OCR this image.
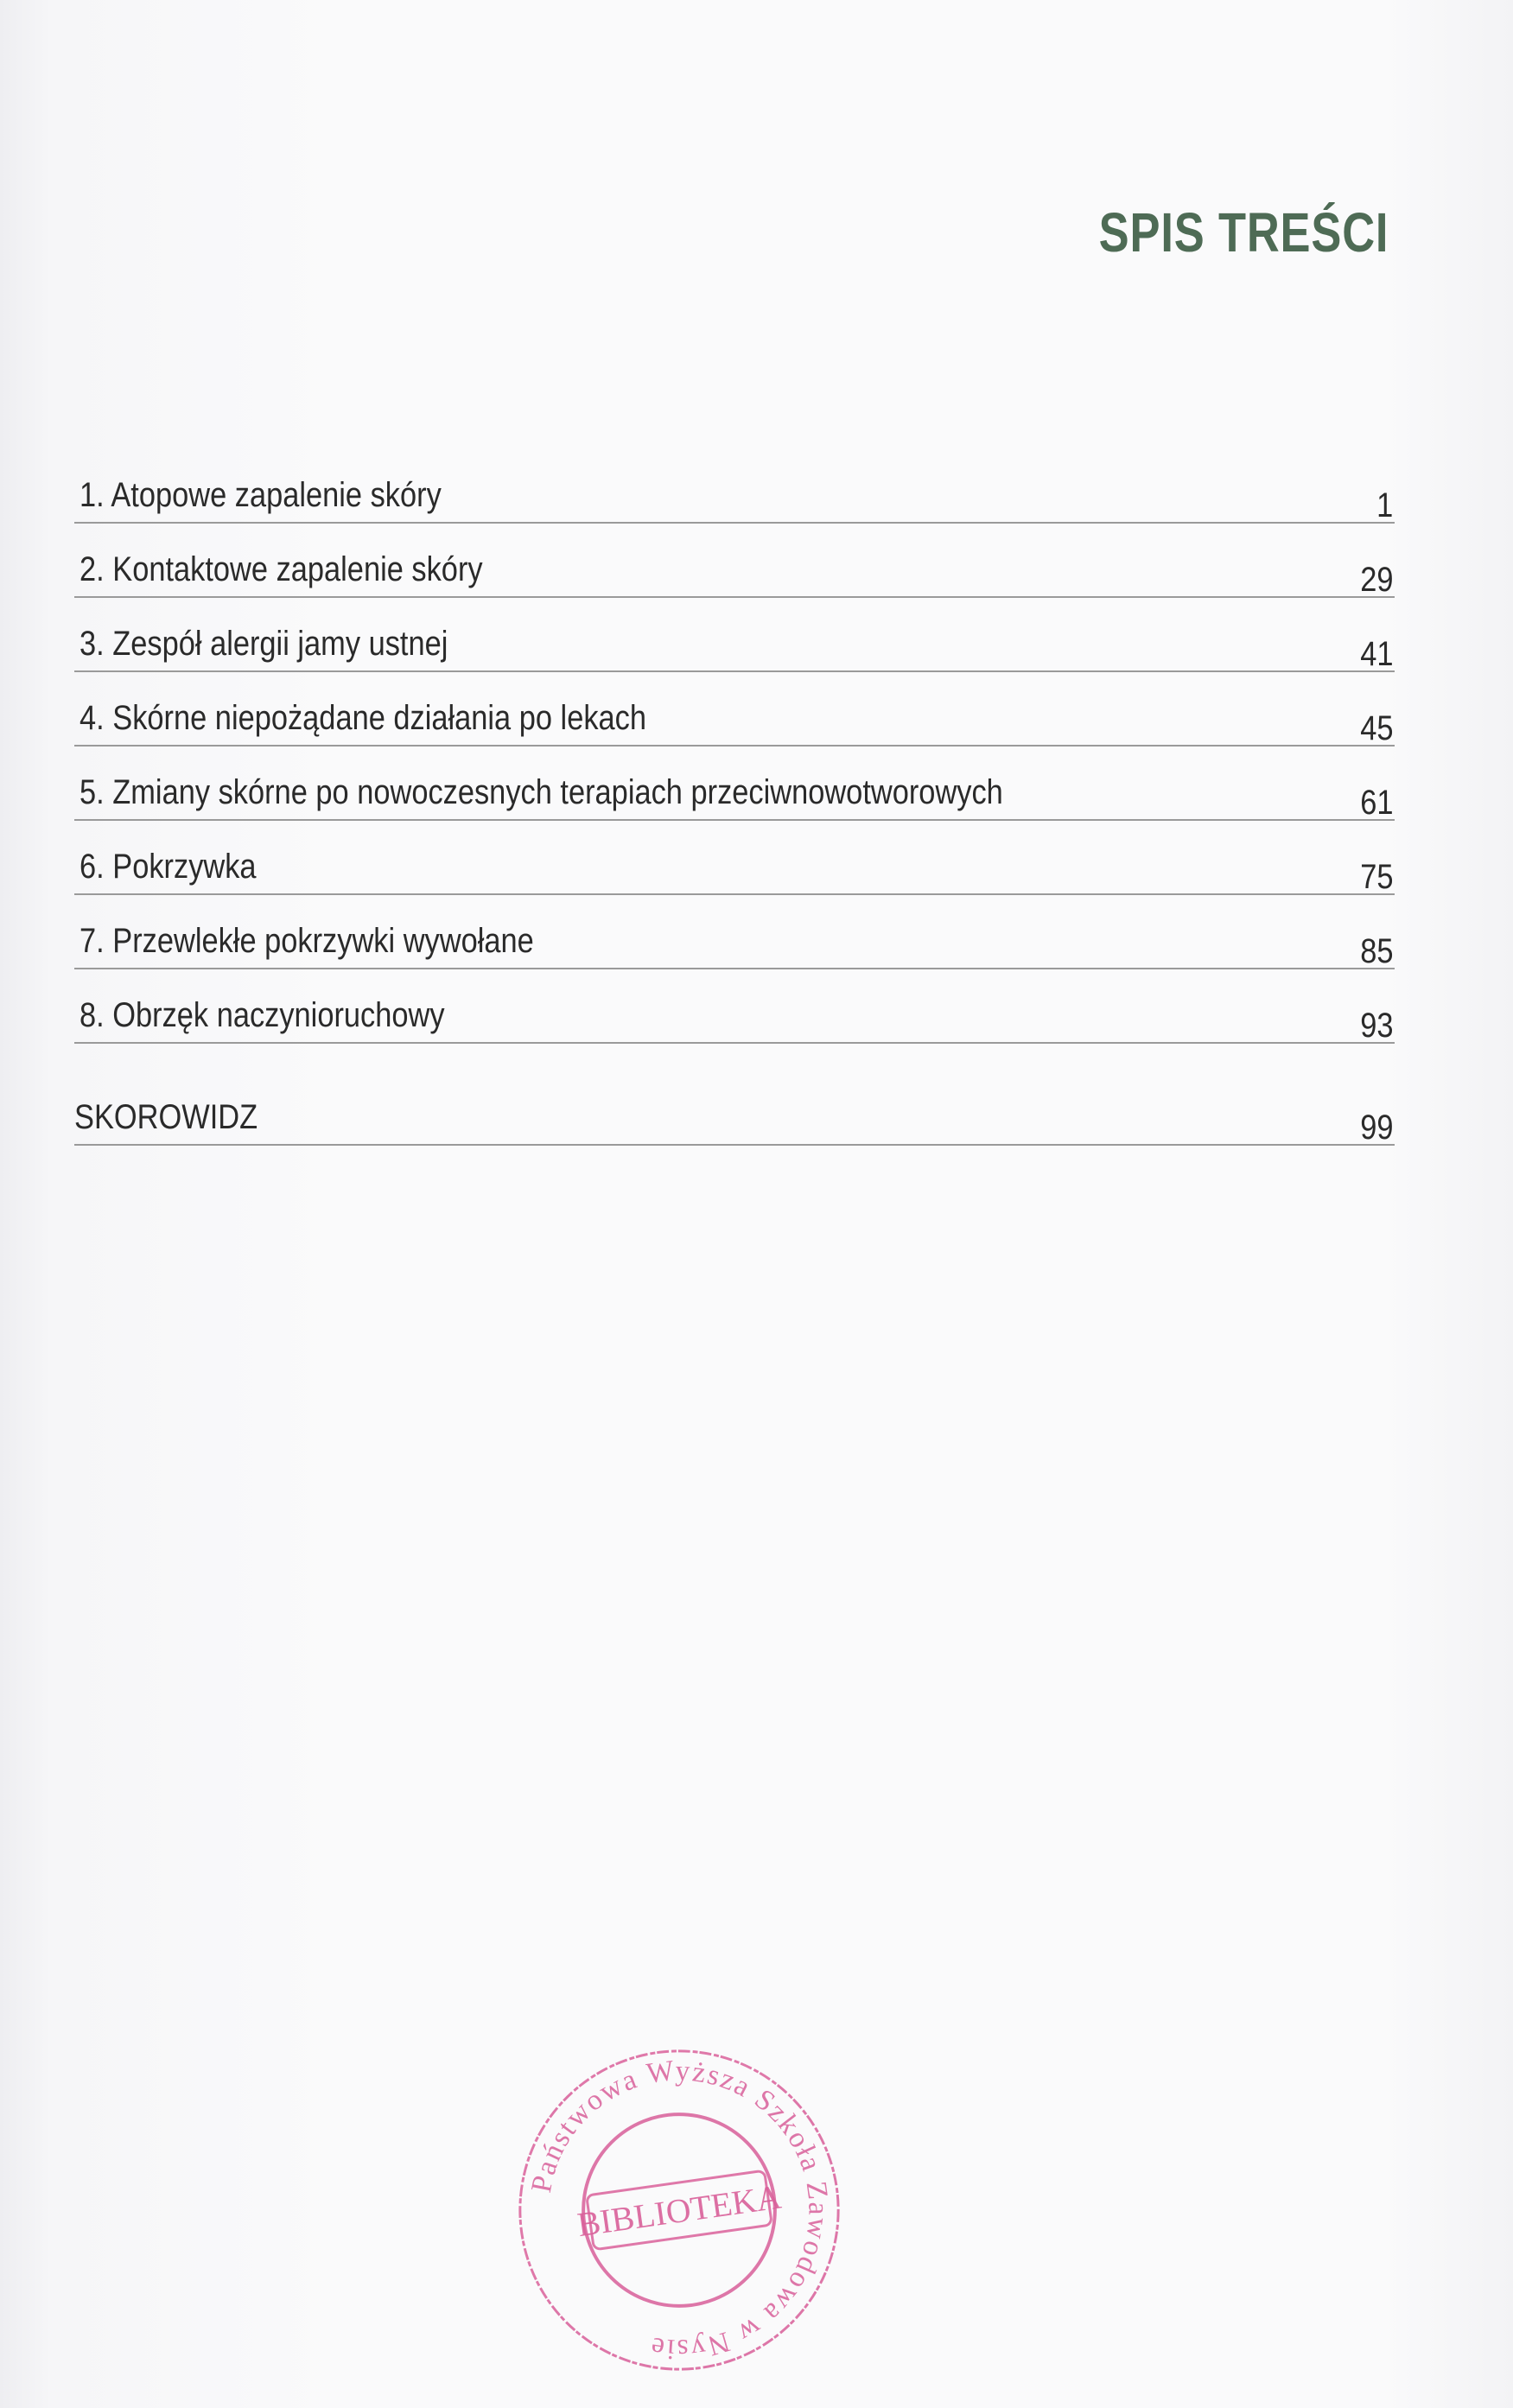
SPIS TREŚCI
1. Atopowe zapalenie skóry	1
2. Kontaktowe zapalenie skóry	29
3. Zespół alergii jamy ustnej	41
4. Skórne niepożądane działania po lekach	45
5. Zmiany skórne po nowoczesnych terapiach przeciwnowotworowych	61
6. Pokrzywka	75
7. Przewlekłe pokrzywki wywołane	85
8. Obrzęk naczynioruchowy	93
SKOROWIDZ	99
Państwowa Wyższa Szkoła Zawodowa w Nysie
BIBLIOTEKA
